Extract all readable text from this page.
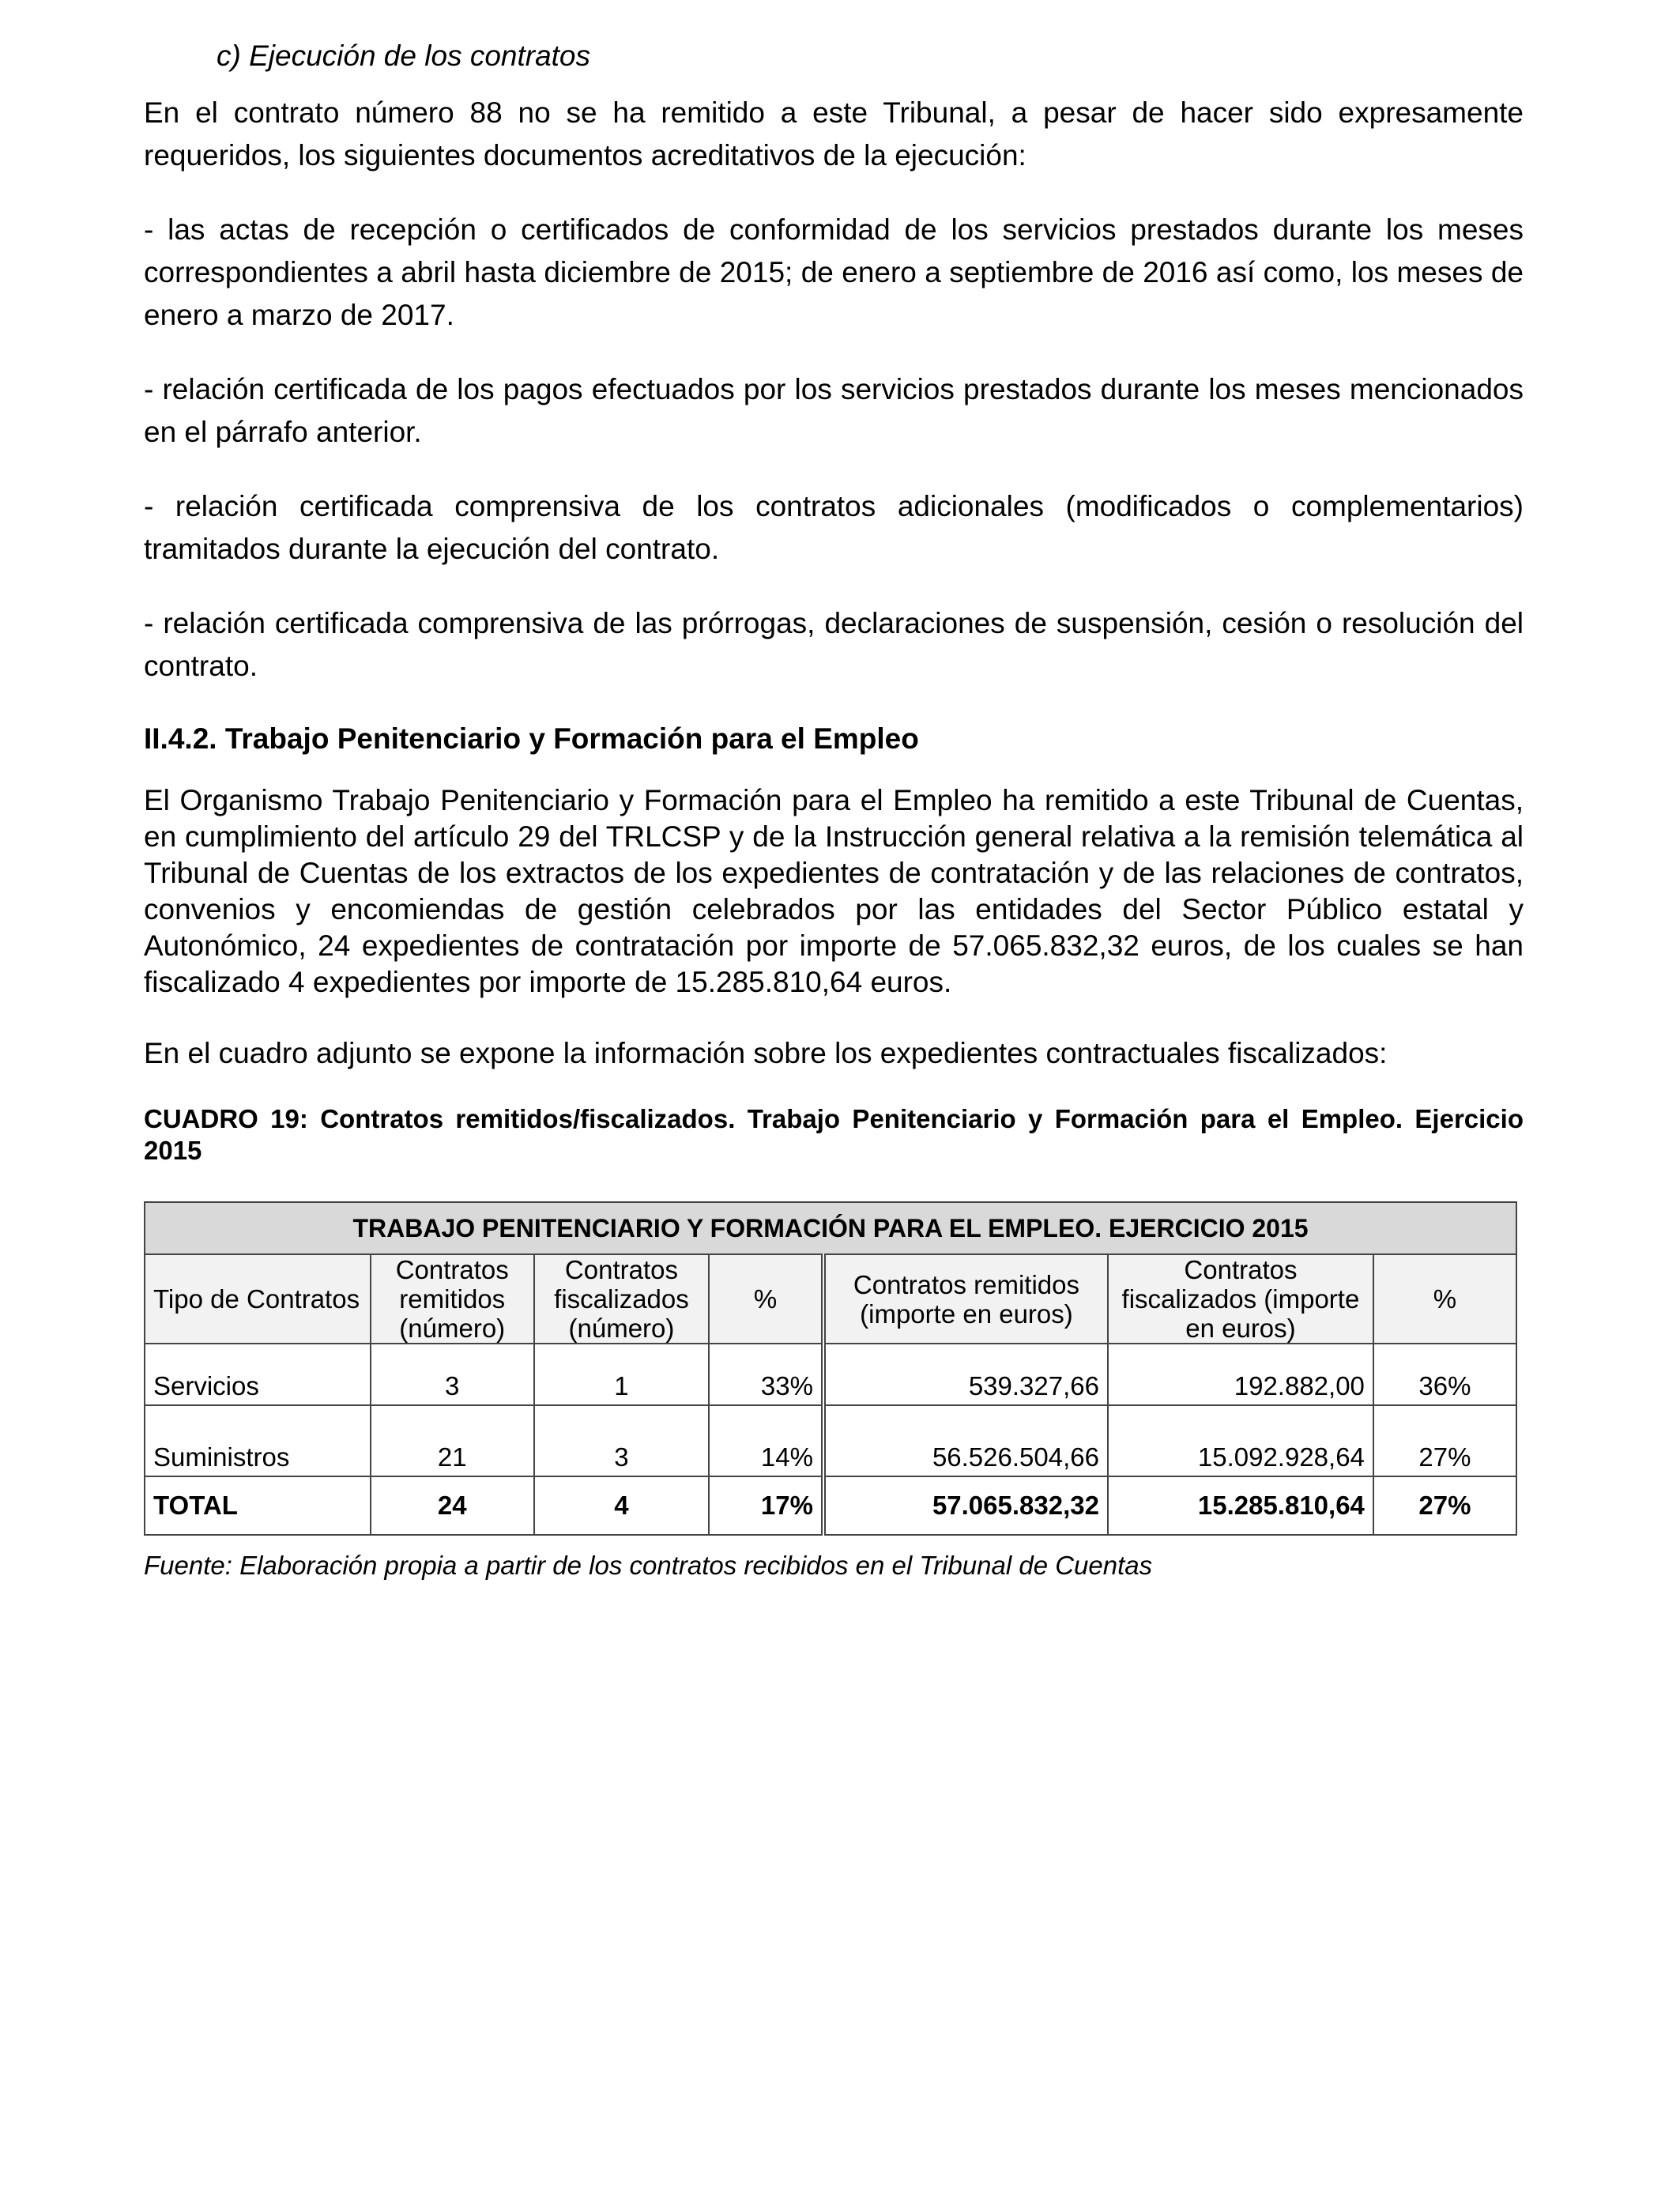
c) Ejecución de los contratos

En el contrato número 88 no se ha remitido a este Tribunal, a pesar de hacer sido expresamente requeridos, los siguientes documentos acreditativos de la ejecución:

- las actas de recepción o certificados de conformidad de los servicios prestados durante los meses correspondientes a abril hasta diciembre de 2015; de enero a septiembre de 2016 así como, los meses de enero a marzo de 2017.

- relación certificada de los pagos efectuados por los servicios prestados durante los meses mencionados en el párrafo anterior.

- relación certificada comprensiva de los contratos adicionales (modificados o complementarios) tramitados durante la ejecución del contrato.

- relación certificada comprensiva de las prórrogas, declaraciones de suspensión, cesión o resolución del contrato.

II.4.2. Trabajo Penitenciario y Formación para el Empleo

El Organismo Trabajo Penitenciario y Formación para el Empleo ha remitido a este Tribunal de Cuentas, en cumplimiento del artículo 29 del TRLCSP y de la Instrucción general relativa a la remisión telemática al Tribunal de Cuentas de los extractos de los expedientes de contratación y de las relaciones de contratos, convenios y encomiendas de gestión celebrados por las entidades del Sector Público estatal y Autonómico, 24 expedientes de contratación por importe de 57.065.832,32 euros, de los cuales se han fiscalizado 4 expedientes por importe de 15.285.810,64 euros.

En el cuadro adjunto se expone la información sobre los expedientes contractuales fiscalizados:

CUADRO 19: Contratos remitidos/fiscalizados. Trabajo Penitenciario y Formación para el Empleo. Ejercicio 2015
TRABAJO PENITENCIARIO Y FORMACIÓN PARA EL EMPLEO. EJERCICIO 2015						
Tipo de Contratos	Contratos remitidos (número)	Contratos fiscalizados (número)	%	Contratos remitidos (importe en euros)	Contratos fiscalizados (importe en euros)	%
Servicios	3	1	33%	539.327,66	192.882,00	36%
Suministros	21	3	14%	56.526.504,66	15.092.928,64	27%
TOTAL	24	4	17%	57.065.832,32	15.285.810,64	27%
Fuente: Elaboración propia a partir de los contratos recibidos en el Tribunal de Cuentas
